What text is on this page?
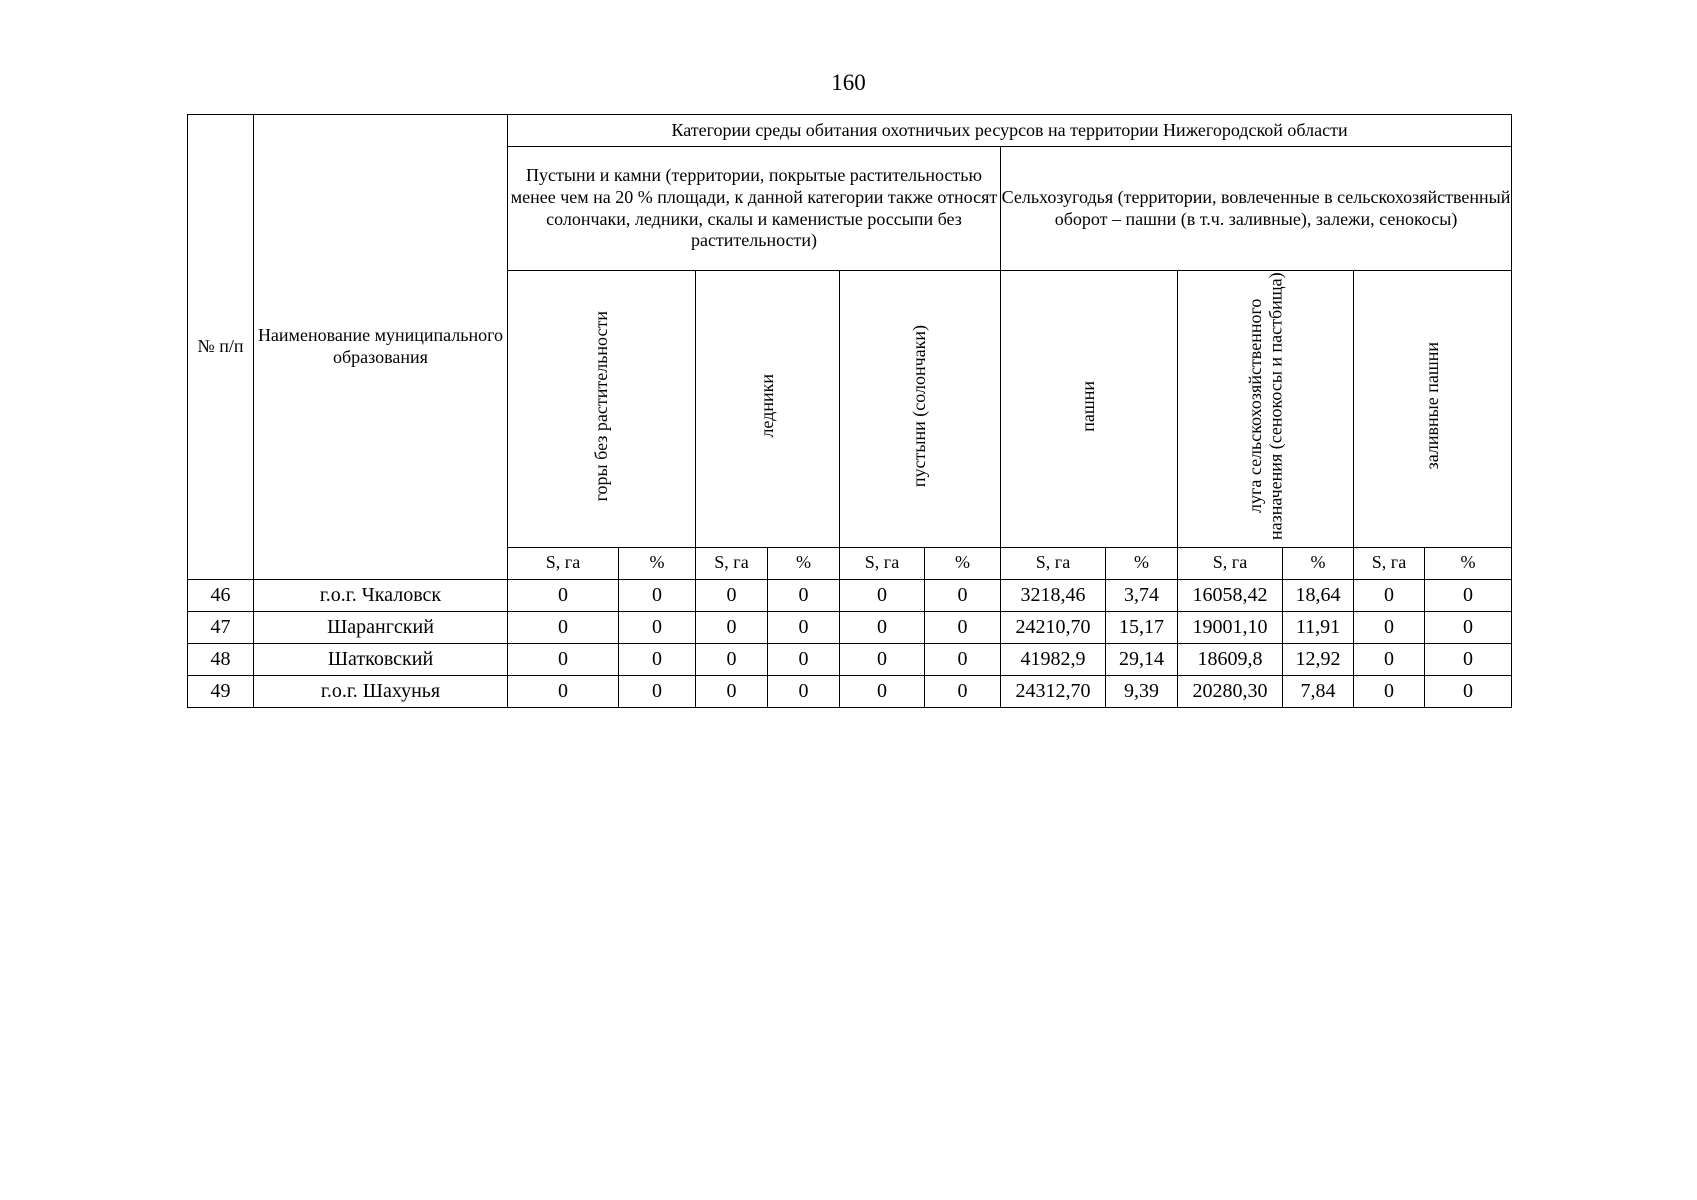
160
№ п/п	Наименование муниципального образования	Категории среды обитания охотничьих ресурсов на территории Нижегородской области											
		Пустыни и камни (территории, покрытые растительностью менее чем на 20 % площади, к данной категории также относят солончаки, ледники, скалы и каменистые россыпи без растительности)						Сельхозугодья (территории, вовлеченные в сельскохозяйственный оборот – пашни (в т.ч. заливные), залежи, сенокосы)					
		горы без растительности		ледники		пустыни (солончаки)		пашни		луга сельскохозяйственного назначения (сенокосы и пастбища)		заливные пашни	
		S, га	%	S, га	%	S, га	%	S, га	%	S, га	%	S, га	%
46	г.о.г. Чкаловск	0	0	0	0	0	0	3218,46	3,74	16058,42	18,64	0	0
47	Шарангский	0	0	0	0	0	0	24210,70	15,17	19001,10	11,91	0	0
48	Шатковский	0	0	0	0	0	0	41982,9	29,14	18609,8	12,92	0	0
49	г.о.г. Шахунья	0	0	0	0	0	0	24312,70	9,39	20280,30	7,84	0	0
